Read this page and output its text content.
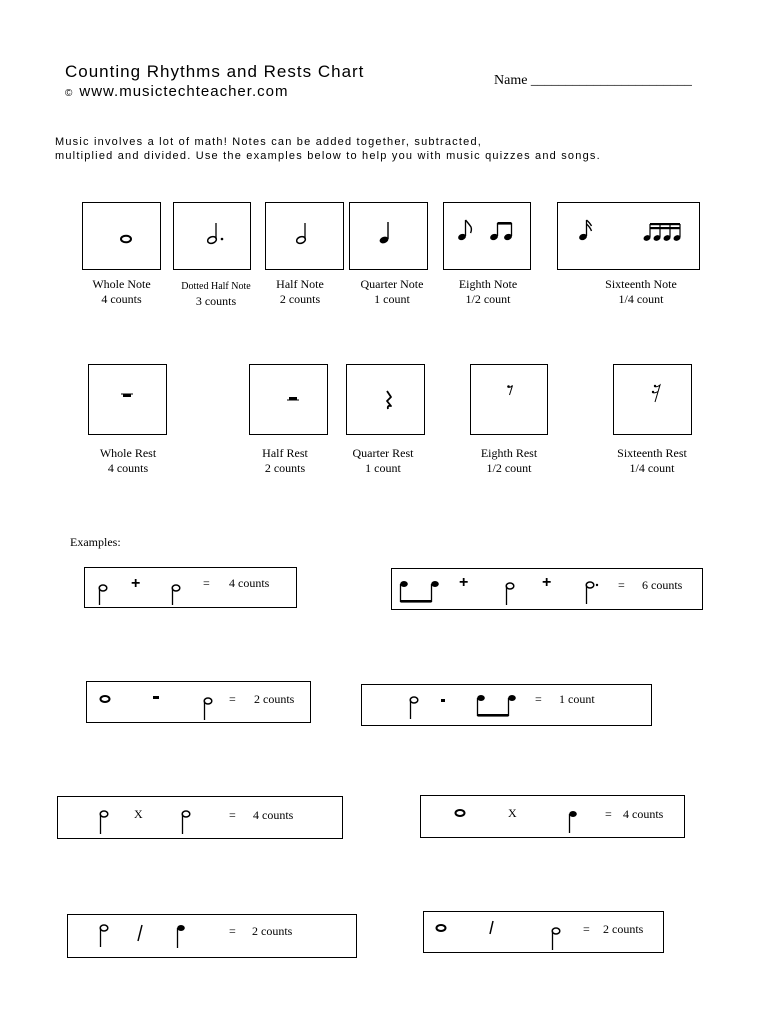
Counting Rhythms and Rests Chart
© www.musictechteacher.com
Name _______________________
Music involves a lot of math! Notes can be added together, subtracted,
multiplied and divided. Use the examples below to help you with music quizzes and songs.
Whole Note
4 counts
Dotted Half Note
3 counts
Half Note
2 counts
Quarter Note
1 count
Eighth Note
1/2 count
Sixteenth Note
1/4 count
Whole Rest
4 counts
Half Rest
2 counts
Quarter Rest
1 count
Eighth Rest
1/2 count
Sixteenth Rest
1/4 count
Examples:
+	= 4 counts	+	+	= 6 counts
= 2 counts	= 1 count
X	= 4 counts	X	= 4 counts
= 2 counts	= 2 counts
